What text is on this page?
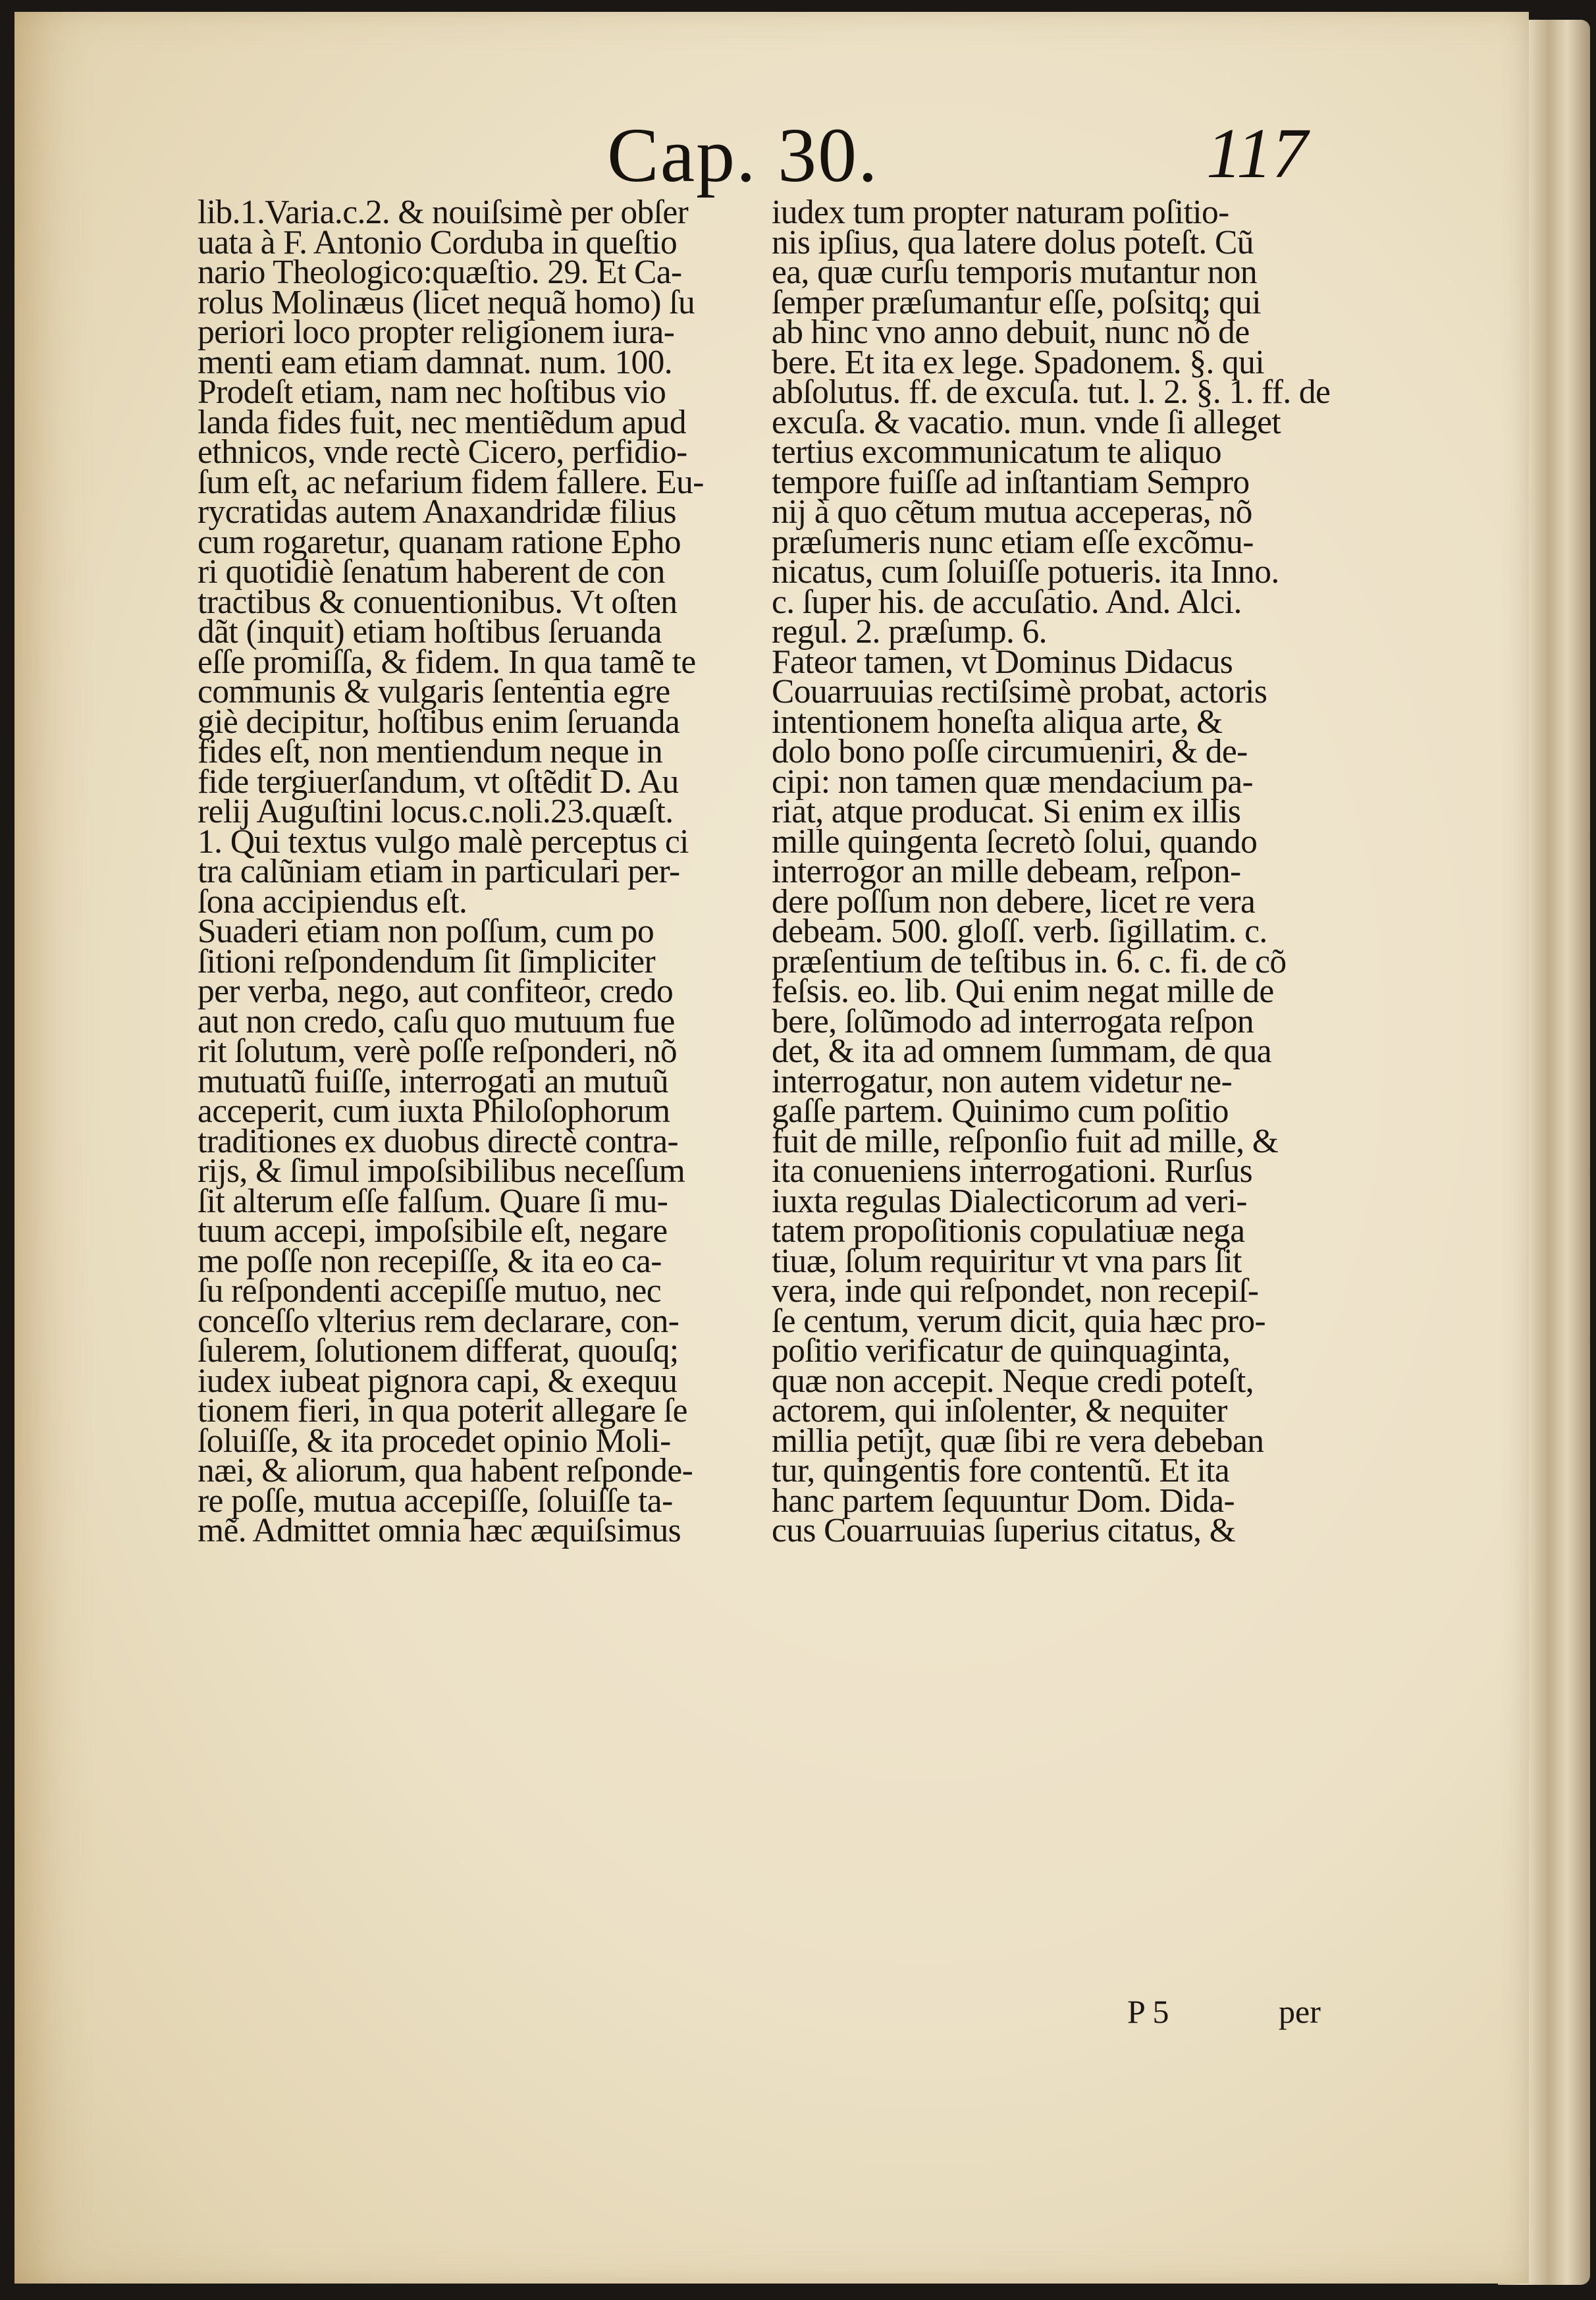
Cap. 30.	117
lib.1.Varia.c.2. & nouiſsimè per obſer
uata à F. Antonio Corduba in queſtio
nario Theologico:quæſtio. 29. Et Ca-
rolus Molinæus (licet nequã homo) ſu
periori loco propter religionem iura-
menti eam etiam damnat. num. 100.
Prodeſt etiam, nam nec hoſtibus vio
landa fides fuit, nec mentiẽdum apud
ethnicos, vnde rectè Cicero, perfidio-
ſum eſt, ac nefarium fidem fallere. Eu-
rycratidas autem Anaxandridæ filius
cum rogaretur, quanam ratione Epho
ri quotidiè ſenatum haberent de con
tractibus & conuentionibus. Vt oſten
dãt (inquit) etiam hoſtibus ſeruanda
eſſe promiſſa, & fidem. In qua tamẽ te
communis & vulgaris ſententia egre
giè decipitur, hoſtibus enim ſeruanda
fides eſt, non mentiendum neque in
fide tergiuerſandum, vt oſtẽdit D. Au
relij Auguſtini locus.c.noli.23.quæſt.
1. Qui textus vulgo malè perceptus ci
tra calũniam etiam in particulari per-
ſona accipiendus eſt.
Suaderi etiam non poſſum, cum po
ſitioni reſpondendum ſit ſimpliciter
per verba, nego, aut confiteor, credo
aut non credo, caſu quo mutuum fue
rit ſolutum, verè poſſe reſponderi, nõ
mutuatũ fuiſſe, interrogati an mutuũ
acceperit, cum iuxta Philoſophorum
traditiones ex duobus directè contra-
rijs, & ſimul impoſsibilibus neceſſum
ſit alterum eſſe falſum. Quare ſi mu-
tuum accepi, impoſsibile eſt, negare
me poſſe non recepiſſe, & ita eo ca-
ſu reſpondenti accepiſſe mutuo, nec
conceſſo vlterius rem declarare, con-
ſulerem, ſolutionem differat, quouſq;
iudex iubeat pignora capi, & exequu
tionem fieri, in qua poterit allegare ſe
ſoluiſſe, & ita procedet opinio Moli-
næi, & aliorum, qua habent reſponde-
re poſſe, mutua accepiſſe, ſoluiſſe ta-
mẽ. Admittet omnia hæc æquiſsimus
iudex tum propter naturam poſitio-
nis ipſius, qua latere dolus poteſt. Cũ
ea, quæ curſu temporis mutantur non
ſemper præſumantur eſſe, poſsitq; qui
ab hinc vno anno debuit, nunc nõ de
bere. Et ita ex lege. Spadonem. §. qui
abſolutus. ff. de excuſa. tut. l. 2. §. 1. ff. de
excuſa. & vacatio. mun. vnde ſi alleget
tertius excommunicatum te aliquo
tempore fuiſſe ad inſtantiam Sempro
nij à quo cẽtum mutua acceperas, nõ
præſumeris nunc etiam eſſe excõmu-
nicatus, cum ſoluiſſe potueris. ita Inno.
c. ſuper his. de accuſatio. And. Alci.
regul. 2. præſump. 6.
Fateor tamen, vt Dominus Didacus
Couarruuias rectiſsimè probat, actoris
intentionem honeſta aliqua arte, &
dolo bono poſſe circumueniri, & de-
cipi: non tamen quæ mendacium pa-
riat, atque producat. Si enim ex illis
mille quingenta ſecretò ſolui, quando
interrogor an mille debeam, reſpon-
dere poſſum non debere, licet re vera
debeam. 500. gloſſ. verb. ſigillatim. c.
præſentium de teſtibus in. 6. c. fi. de cõ
feſsis. eo. lib. Qui enim negat mille de
bere, ſolũmodo ad interrogata reſpon
det, & ita ad omnem ſummam, de qua
interrogatur, non autem videtur ne-
gaſſe partem. Quinimo cum poſitio
fuit de mille, reſponſio fuit ad mille, &
ita conueniens interrogationi. Rurſus
iuxta regulas Dialecticorum ad veri-
tatem propoſitionis copulatiuæ nega
tiuæ, ſolum requiritur vt vna pars ſit
vera, inde qui reſpondet, non recepiſ-
ſe centum, verum dicit, quia hæc pro-
poſitio verificatur de quinquaginta,
quæ non accepit. Neque credi poteſt,
actorem, qui inſolenter, & nequiter
millia petijt, quæ ſibi re vera debeban
tur, quingentis fore contentũ. Et ita
hanc partem ſequuntur Dom. Dida-
cus Couarruuias ſuperius citatus, &
P 5	per
